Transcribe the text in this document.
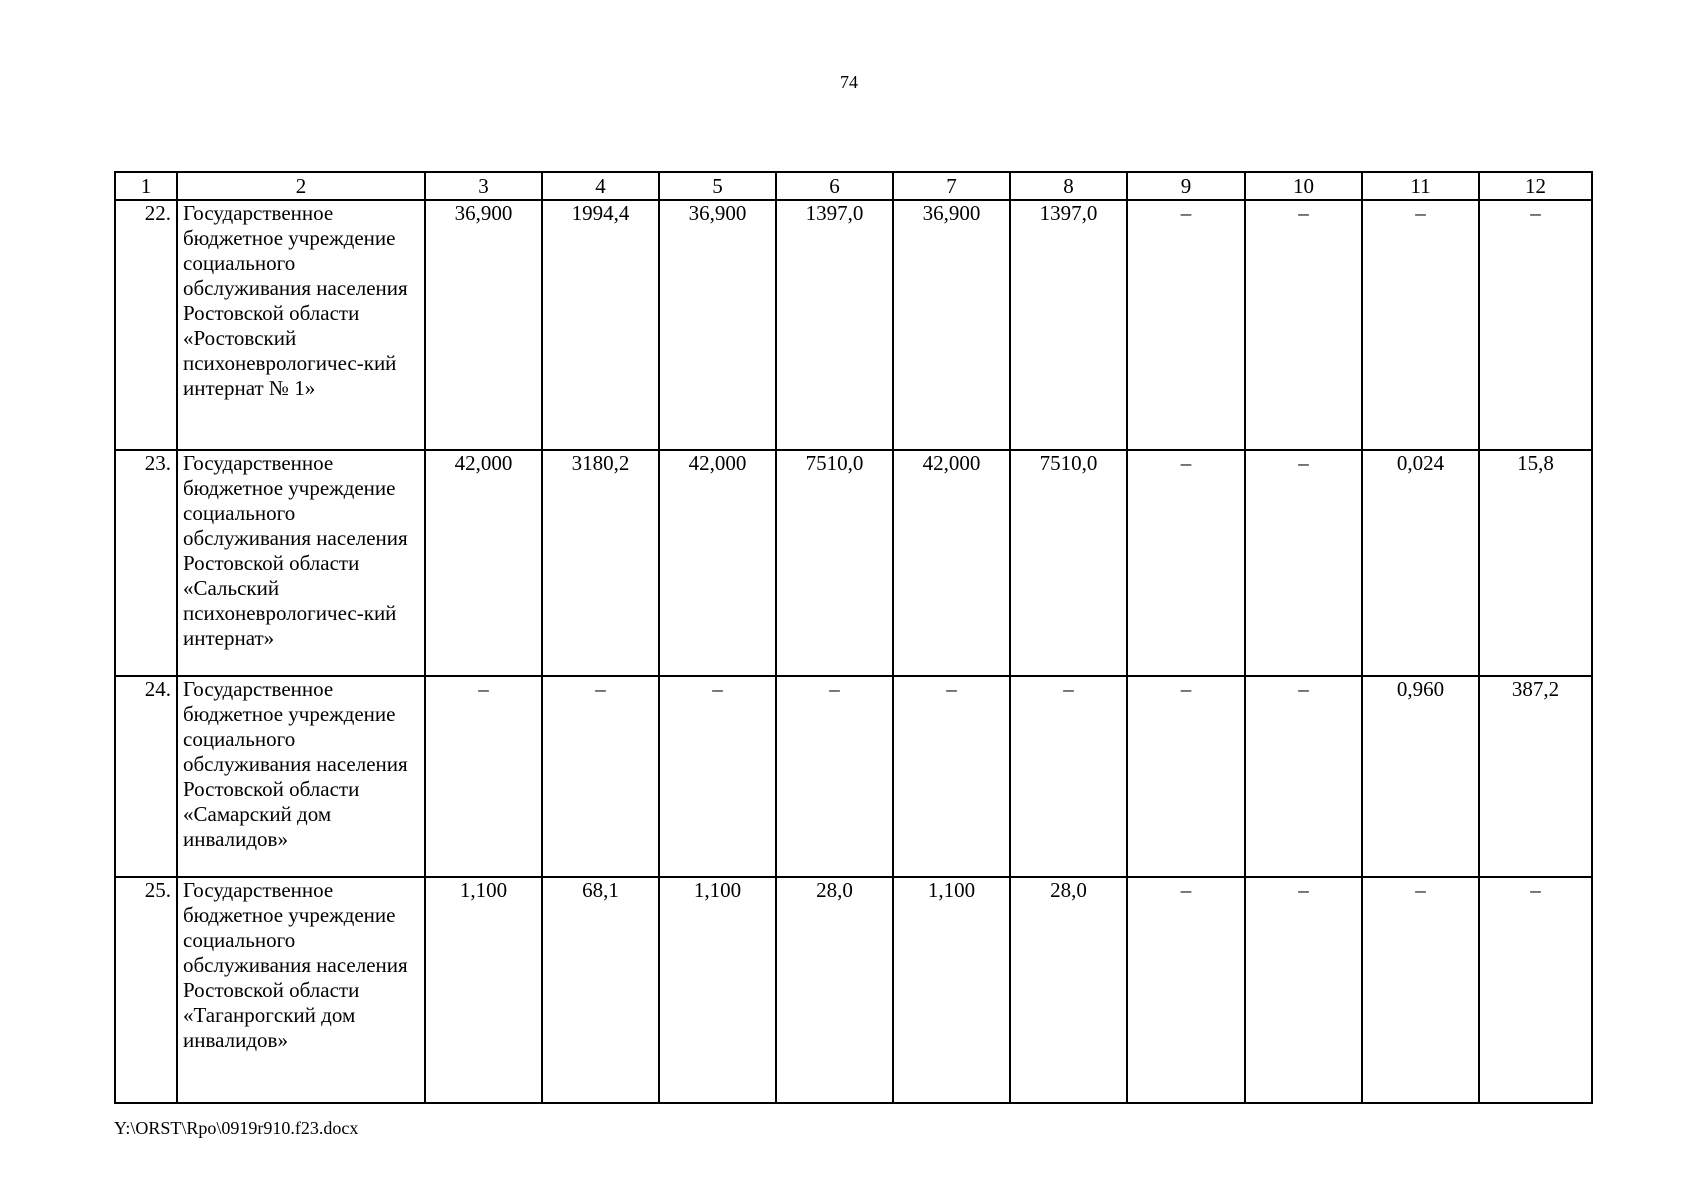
74
1	2	3	4	5	6	7	8	9	10	11	12
22.	Государственное бюджетное учреждение социального обслуживания населения Ростовской области «Ростовский психоневрологичес-кий интернат № 1»	36,900	1994,4	36,900	1397,0	36,900	1397,0	–	–	–	–
23.	Государственное бюджетное учреждение социального обслуживания населения Ростовской области «Сальский психоневрологичес-кий интернат»	42,000	3180,2	42,000	7510,0	42,000	7510,0	–	–	0,024	15,8
24.	Государственное бюджетное учреждение социального обслуживания населения Ростовской области «Самарский дом инвалидов»	–	–	–	–	–	–	–	–	0,960	387,2
25.	Государственное бюджетное учреждение социального обслуживания населения Ростовской области «Таганрогский дом инвалидов»	1,100	68,1	1,100	28,0	1,100	28,0	–	–	–	–
Y:\ORST\Rpo\0919r910.f23.docx
